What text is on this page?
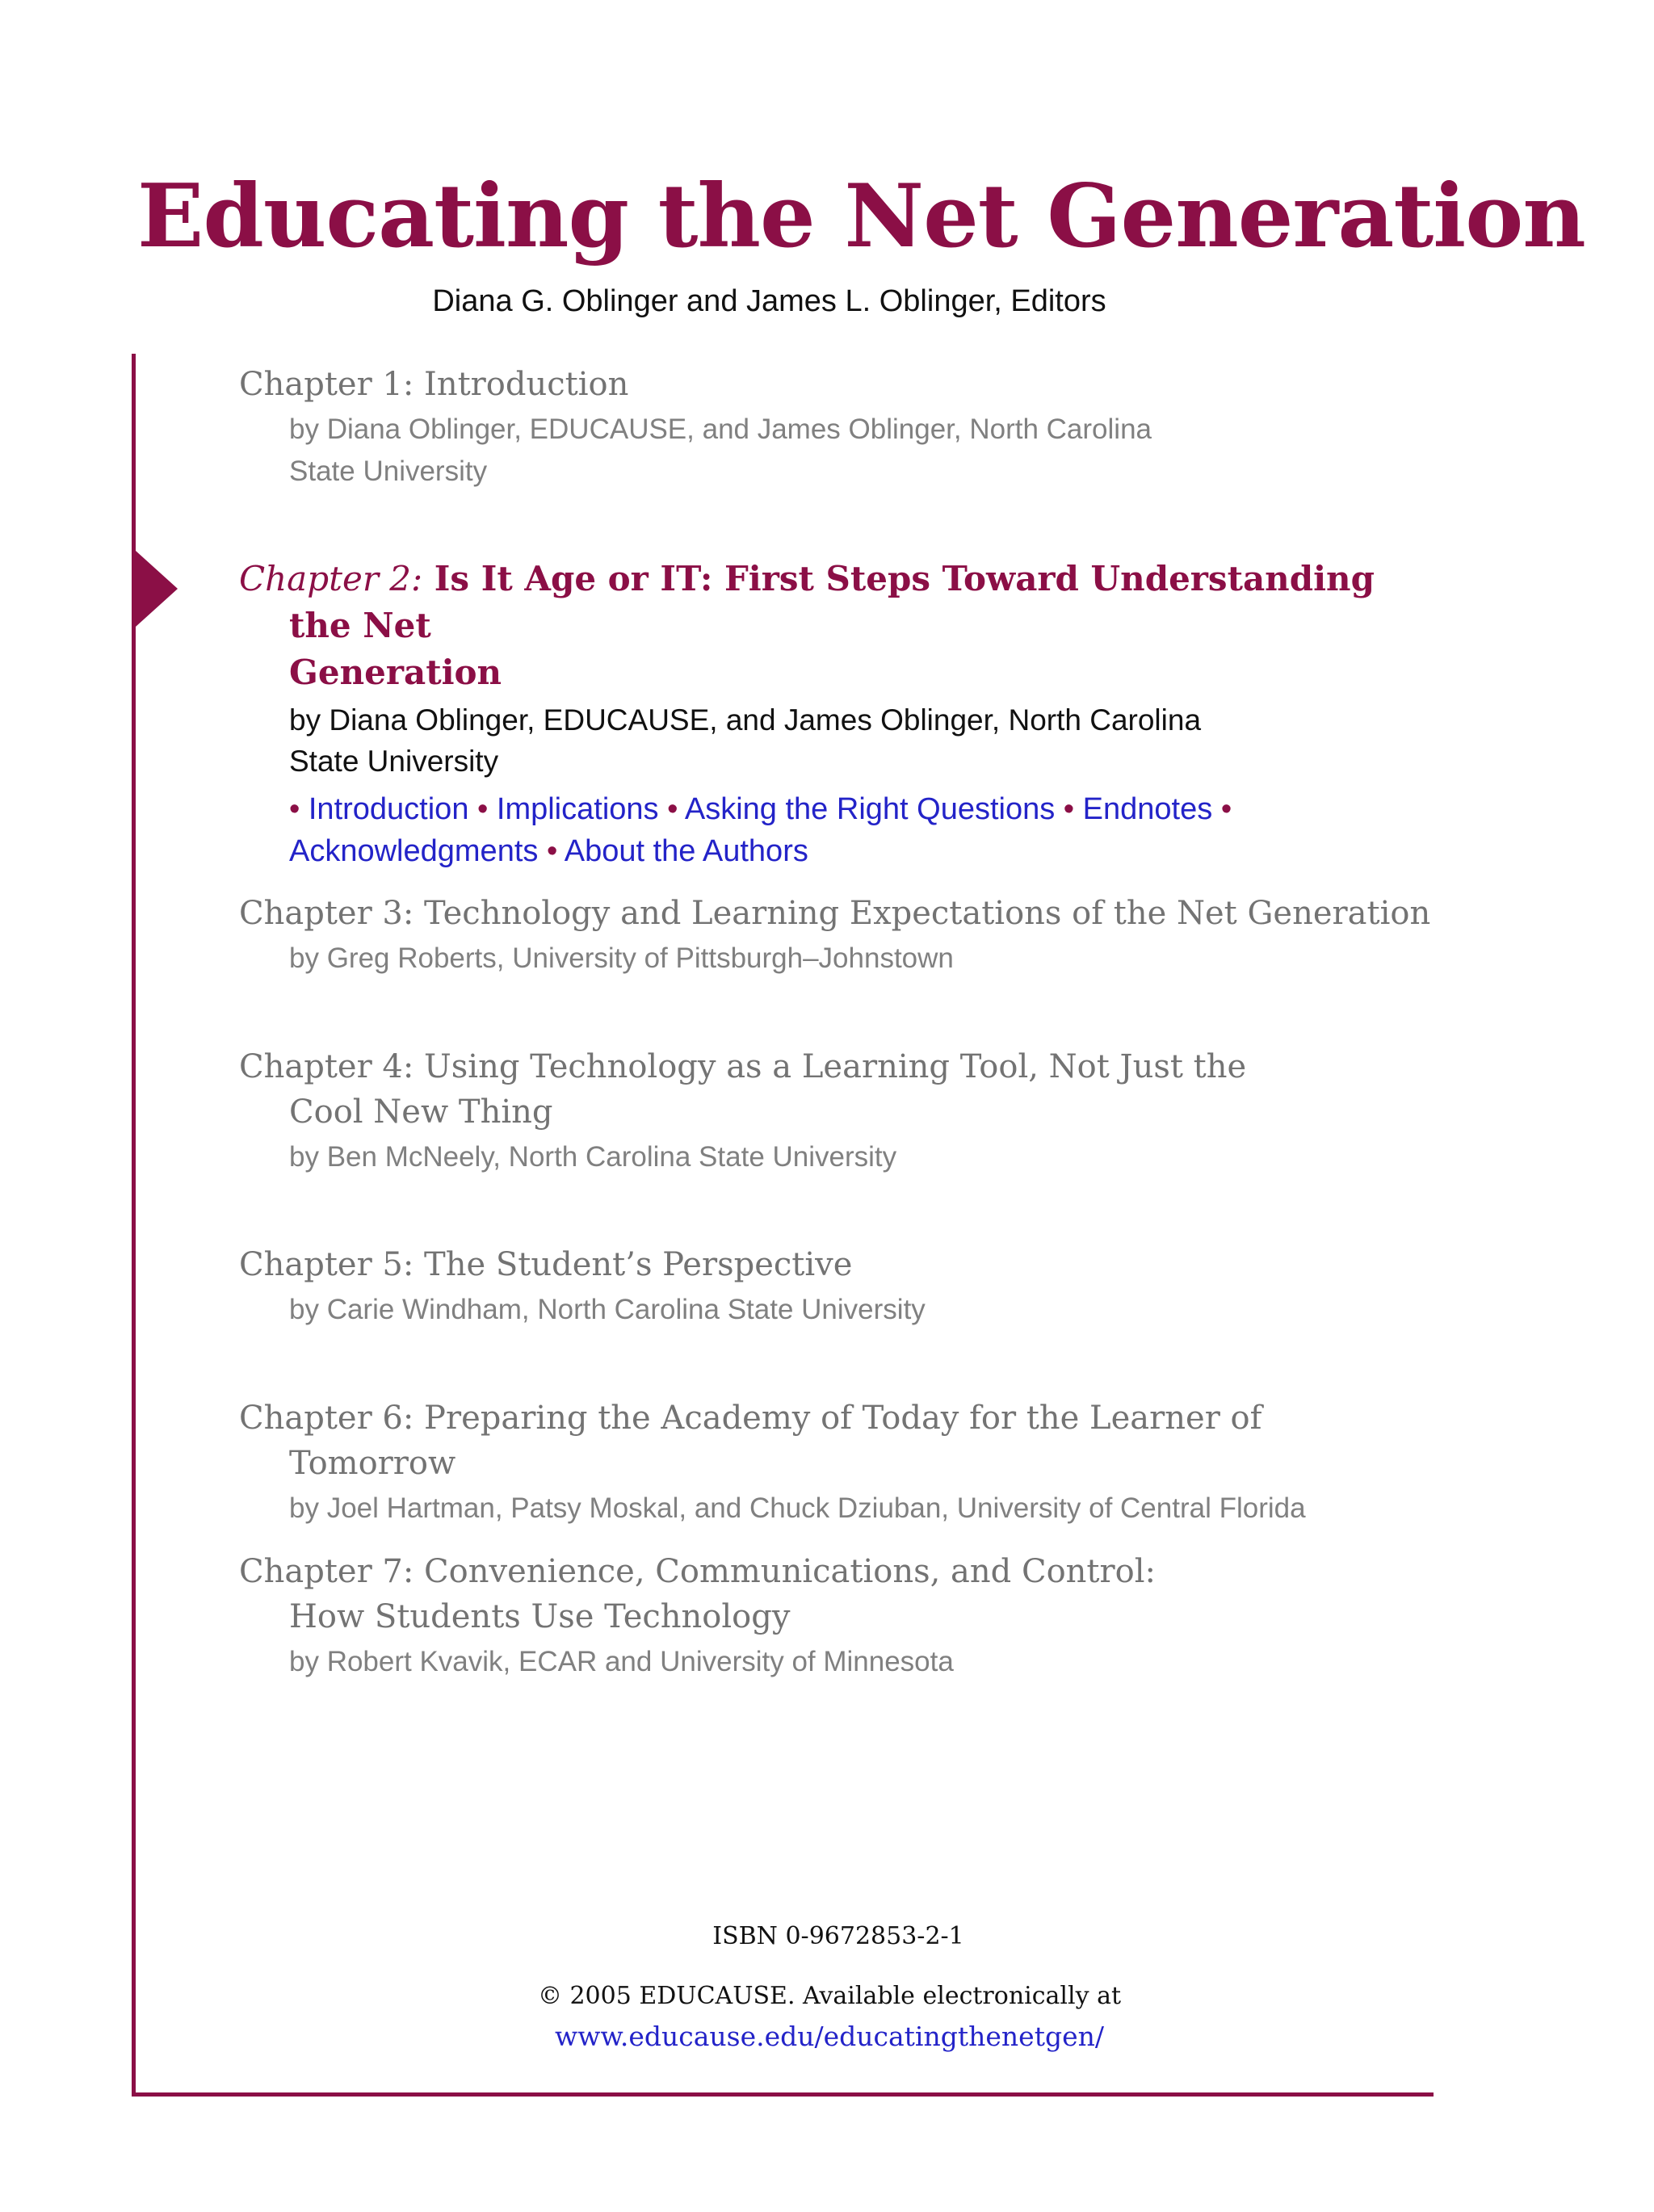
Educating the Net Generation
Diana G. Oblinger and James L. Oblinger, Editors
Chapter 1: Introduction
by Diana Oblinger, EDUCAUSE, and James Oblinger, North Carolina
State University
Chapter 2: Is It Age or IT: First Steps Toward Understanding the Net
Generation
by Diana Oblinger, EDUCAUSE, and James Oblinger, North Carolina
State University
• Introduction • Implications • Asking the Right Questions • Endnotes •
Acknowledgments • About the Authors
Chapter 3: Technology and Learning Expectations of the Net Generation
by Greg Roberts, University of Pittsburgh–Johnstown
Chapter 4: Using Technology as a Learning Tool, Not Just the
Cool New Thing
by Ben McNeely, North Carolina State University
Chapter 5: The Student’s Perspective
by Carie Windham, North Carolina State University
Chapter 6: Preparing the Academy of Today for the Learner of Tomorrow
by Joel Hartman, Patsy Moskal, and Chuck Dziuban, University of Central Florida
Chapter 7: Convenience, Communications, and Control:
How Students Use Technology
by Robert Kvavik, ECAR and University of Minnesota
ISBN 0-9672853-2-1
© 2005 EDUCAUSE. Available electronically at
www.educause.edu/educatingthenetgen/
